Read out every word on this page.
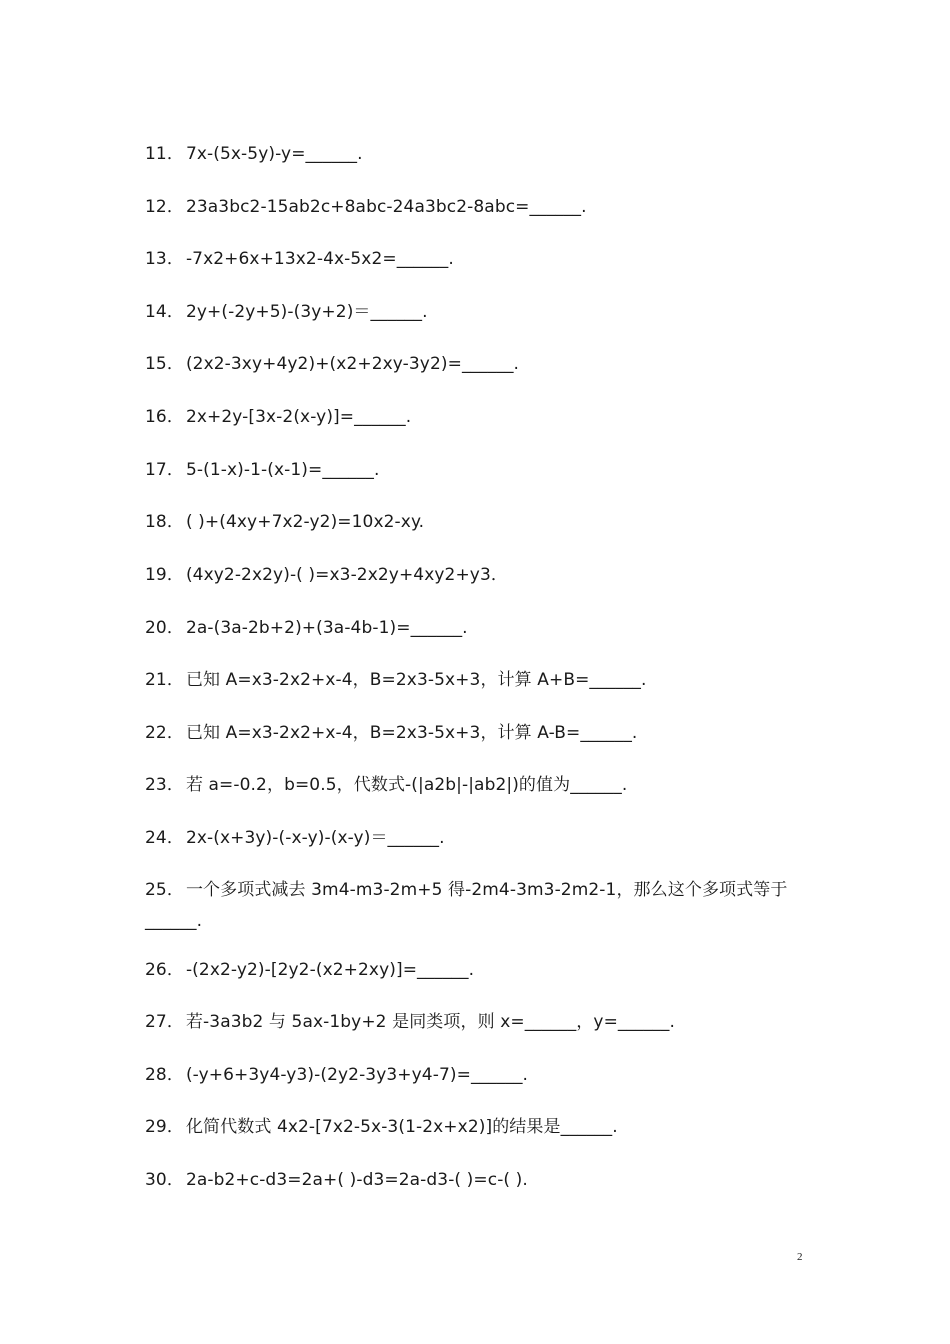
11． 7x-(5x-5y)-y=______.
12． 23a3bc2-15ab2c+8abc-24a3bc2-8abc=______.
13． -7x2+6x+13x2-4x-5x2=______.
14． 2y+(-2y+5)-(3y+2)＝______.
15． (2x2-3xy+4y2)+(x2+2xy-3y2)=______.
16． 2x+2y-[3x-2(x-y)]=______.
17． 5-(1-x)-1-(x-1)=______.
18． ( )+(4xy+7x2-y2)=10x2-xy.
19． (4xy2-2x2y)-( )=x3-2x2y+4xy2+y3．
20． 2a-(3a-2b+2)+(3a-4b-1)=______.
21． 已知 A=x3-2x2+x-4，B=2x3-5x+3，计算 A+B=______.
22． 已知 A=x3-2x2+x-4，B=2x3-5x+3，计算 A-B=______.
23． 若 a=-0.2，b=0.5，代数式-(|a2b|-|ab2|)的值为______.
24． 2x-(x+3y)-(-x-y)-(x-y)＝______.
25． 一个多项式减去 3m4-m3-2m+5 得-2m4-3m3-2m2-1，那么这个多项式等于______.
26． -(2x2-y2)-[2y2-(x2+2xy)]=______.
27． 若-3a3b2 与 5ax-1by+2 是同类项，则 x=______，y=______.
28． (-y+6+3y4-y3)-(2y2-3y3+y4-7)=______.
29． 化简代数式 4x2-[7x2-5x-3(1-2x+x2)]的结果是______.
30． 2a-b2+c-d3=2a+( )-d3=2a-d3-( )=c-( ).
2
